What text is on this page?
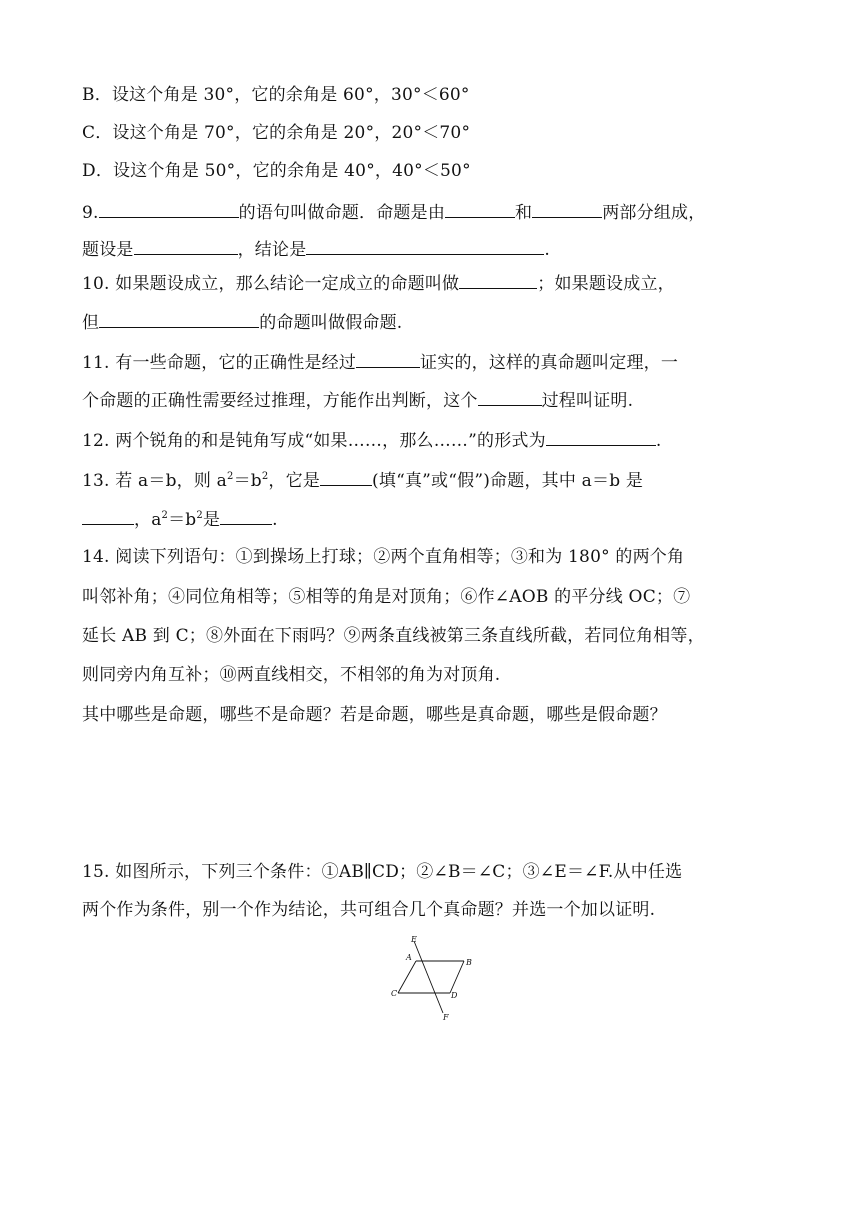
B．设这个角是 30°，它的余角是 60°，30°＜60°
C．设这个角是 70°，它的余角是 20°，20°＜70°
D．设这个角是 50°，它的余角是 40°，40°＜50°
9.	的语句叫做命题．命题是由	和	两部分组成，
题设是	，结论是	.
10. 如果题设成立，那么结论一定成立的命题叫做	；如果题设成立，
但	的命题叫做假命题.
11. 有一些命题，它的正确性是经过	证实的，这样的真命题叫定理，一
个命题的正确性需要经过推理，方能作出判断，这个	过程叫证明.
12. 两个锐角的和是钝角写成“如果……，那么……”的形式为	.
13. 若 a＝b，则 $a^2=b^2$，它是	(填“真”或“假”)命题，其中 a＝b 是
，$a^2=b^2$是	.
14. 阅读下列语句：①到操场上打球；②两个直角相等；③和为 180° 的两个角
叫邻补角；④同位角相等；⑤相等的角是对顶角；⑥作∠AOB 的平分线 OC；⑦
延长 AB 到 C；⑧外面在下雨吗？⑨两条直线被第三条直线所截，若同位角相等，
则同旁内角互补；⑩两直线相交，不相邻的角为对顶角.
其中哪些是命题，哪些不是命题？若是命题，哪些是真命题，哪些是假命题？
15. 如图所示，下列三个条件：①AB∥CD；②∠B＝∠C；③∠E＝∠F.从中任选
两个作为条件，别一个作为结论，共可组合几个真命题？并选一个加以证明.
E
A
B
C	D
F
